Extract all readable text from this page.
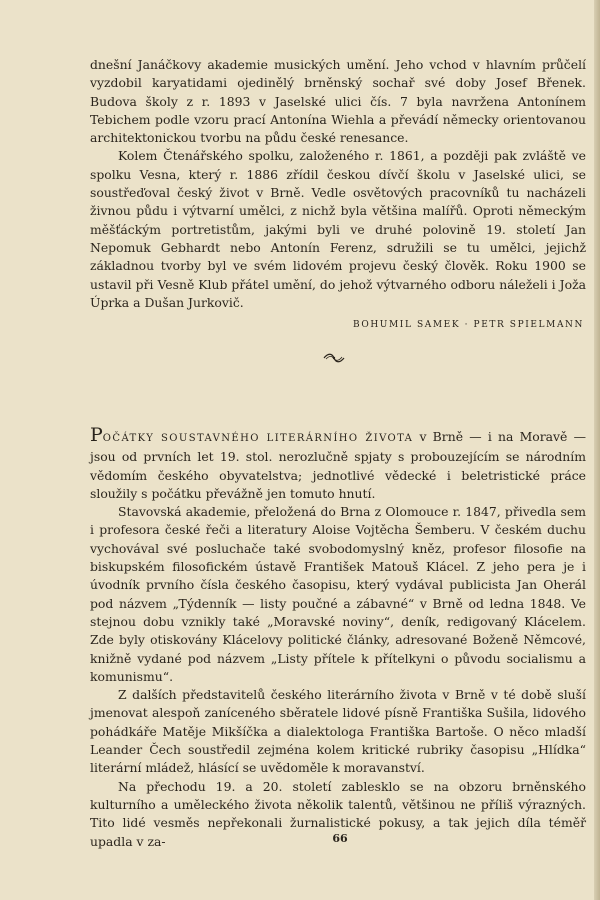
dnešní Janáčkovy akademie musických umění. Jeho vchod v hlavním průčelí vyzdobil karyatidami ojedinělý brněnský sochař své doby Josef Břenek. Budova školy z r. 1893 v Jaselské ulici čís. 7 byla navržena Antonínem Tebichem podle vzoru prací Antonína Wiehla a převádí německy orientovanou architektonickou tvorbu na půdu české renesance.

Kolem Čtenářského spolku, založeného r. 1861, a později pak zvláště ve spolku Vesna, který r. 1886 zřídil českou dívčí školu v Jaselské ulici, se soustřeďoval český život v Brně. Vedle osvětových pracovníků tu nacházeli živnou půdu i výtvarní umělci, z nichž byla většina malířů. Oproti německým měšťáckým portretistům, jakými byli ve druhé polovině 19. století Jan Nepomuk Gebhardt nebo Antonín Ferenz, sdružili se tu umělci, jejichž základnou tvorby byl ve svém lidovém projevu český člověk. Roku 1900 se ustavil při Vesně Klub přátel umění, do jehož výtvarného odboru náleželi i Joža Úprka a Dušan Jurkovič.

BOHUMIL SAMEK · PETR SPIELMANN

POČÁTKY SOUSTAVNÉHO LITERÁRNÍHO ŽIVOTA v Brně — i na Moravě — jsou od prvních let 19. stol. nerozlučně spjaty s probouzejícím se národním vědomím českého obyvatelstva; jednotlivé vědecké i beletristické práce sloužily s počátku převážně jen tomuto hnutí.

Stavovská akademie, přeložená do Brna z Olomouce r. 1847, přivedla sem i profesora české řeči a literatury Aloise Vojtěcha Šemberu. V českém duchu vychovával své posluchače také svobodomyslný kněz, profesor filosofie na biskupském filosofickém ústavě František Matouš Klácel. Z jeho pera je i úvodník prvního čísla českého časopisu, který vydával publicista Jan Oherál pod názvem „Týdenník — listy poučné a zábavné“ v Brně od ledna 1848. Ve stejnou dobu vznikly také „Moravské noviny“, deník, redigovaný Klácelem. Zde byly otiskovány Klácelovy politické články, adresované Boženě Němcové, knižně vydané pod názvem „Listy přítele k přítelkyni o původu socialismu a komunismu“.

Z dalších představitelů českého literárního života v Brně v té době sluší jmenovat alespoň zaníceného sběratele lidové písně Františka Sušila, lidového pohádkáře Matěje Mikšíčka a dialektologa Františka Bartoše. O něco mladší Leander Čech soustředil zejména kolem kritické rubriky časopisu „Hlídka“ literární mládež, hlásící se uvědoměle k moravanství.

Na přechodu 19. a 20. století zablesklo se na obzoru brněnského kulturního a uměleckého života několik talentů, většinou ne příliš výrazných. Tito lidé vesměs nepřekonali žurnalistické pokusy, a tak jejich díla téměř upadla v za-	66
